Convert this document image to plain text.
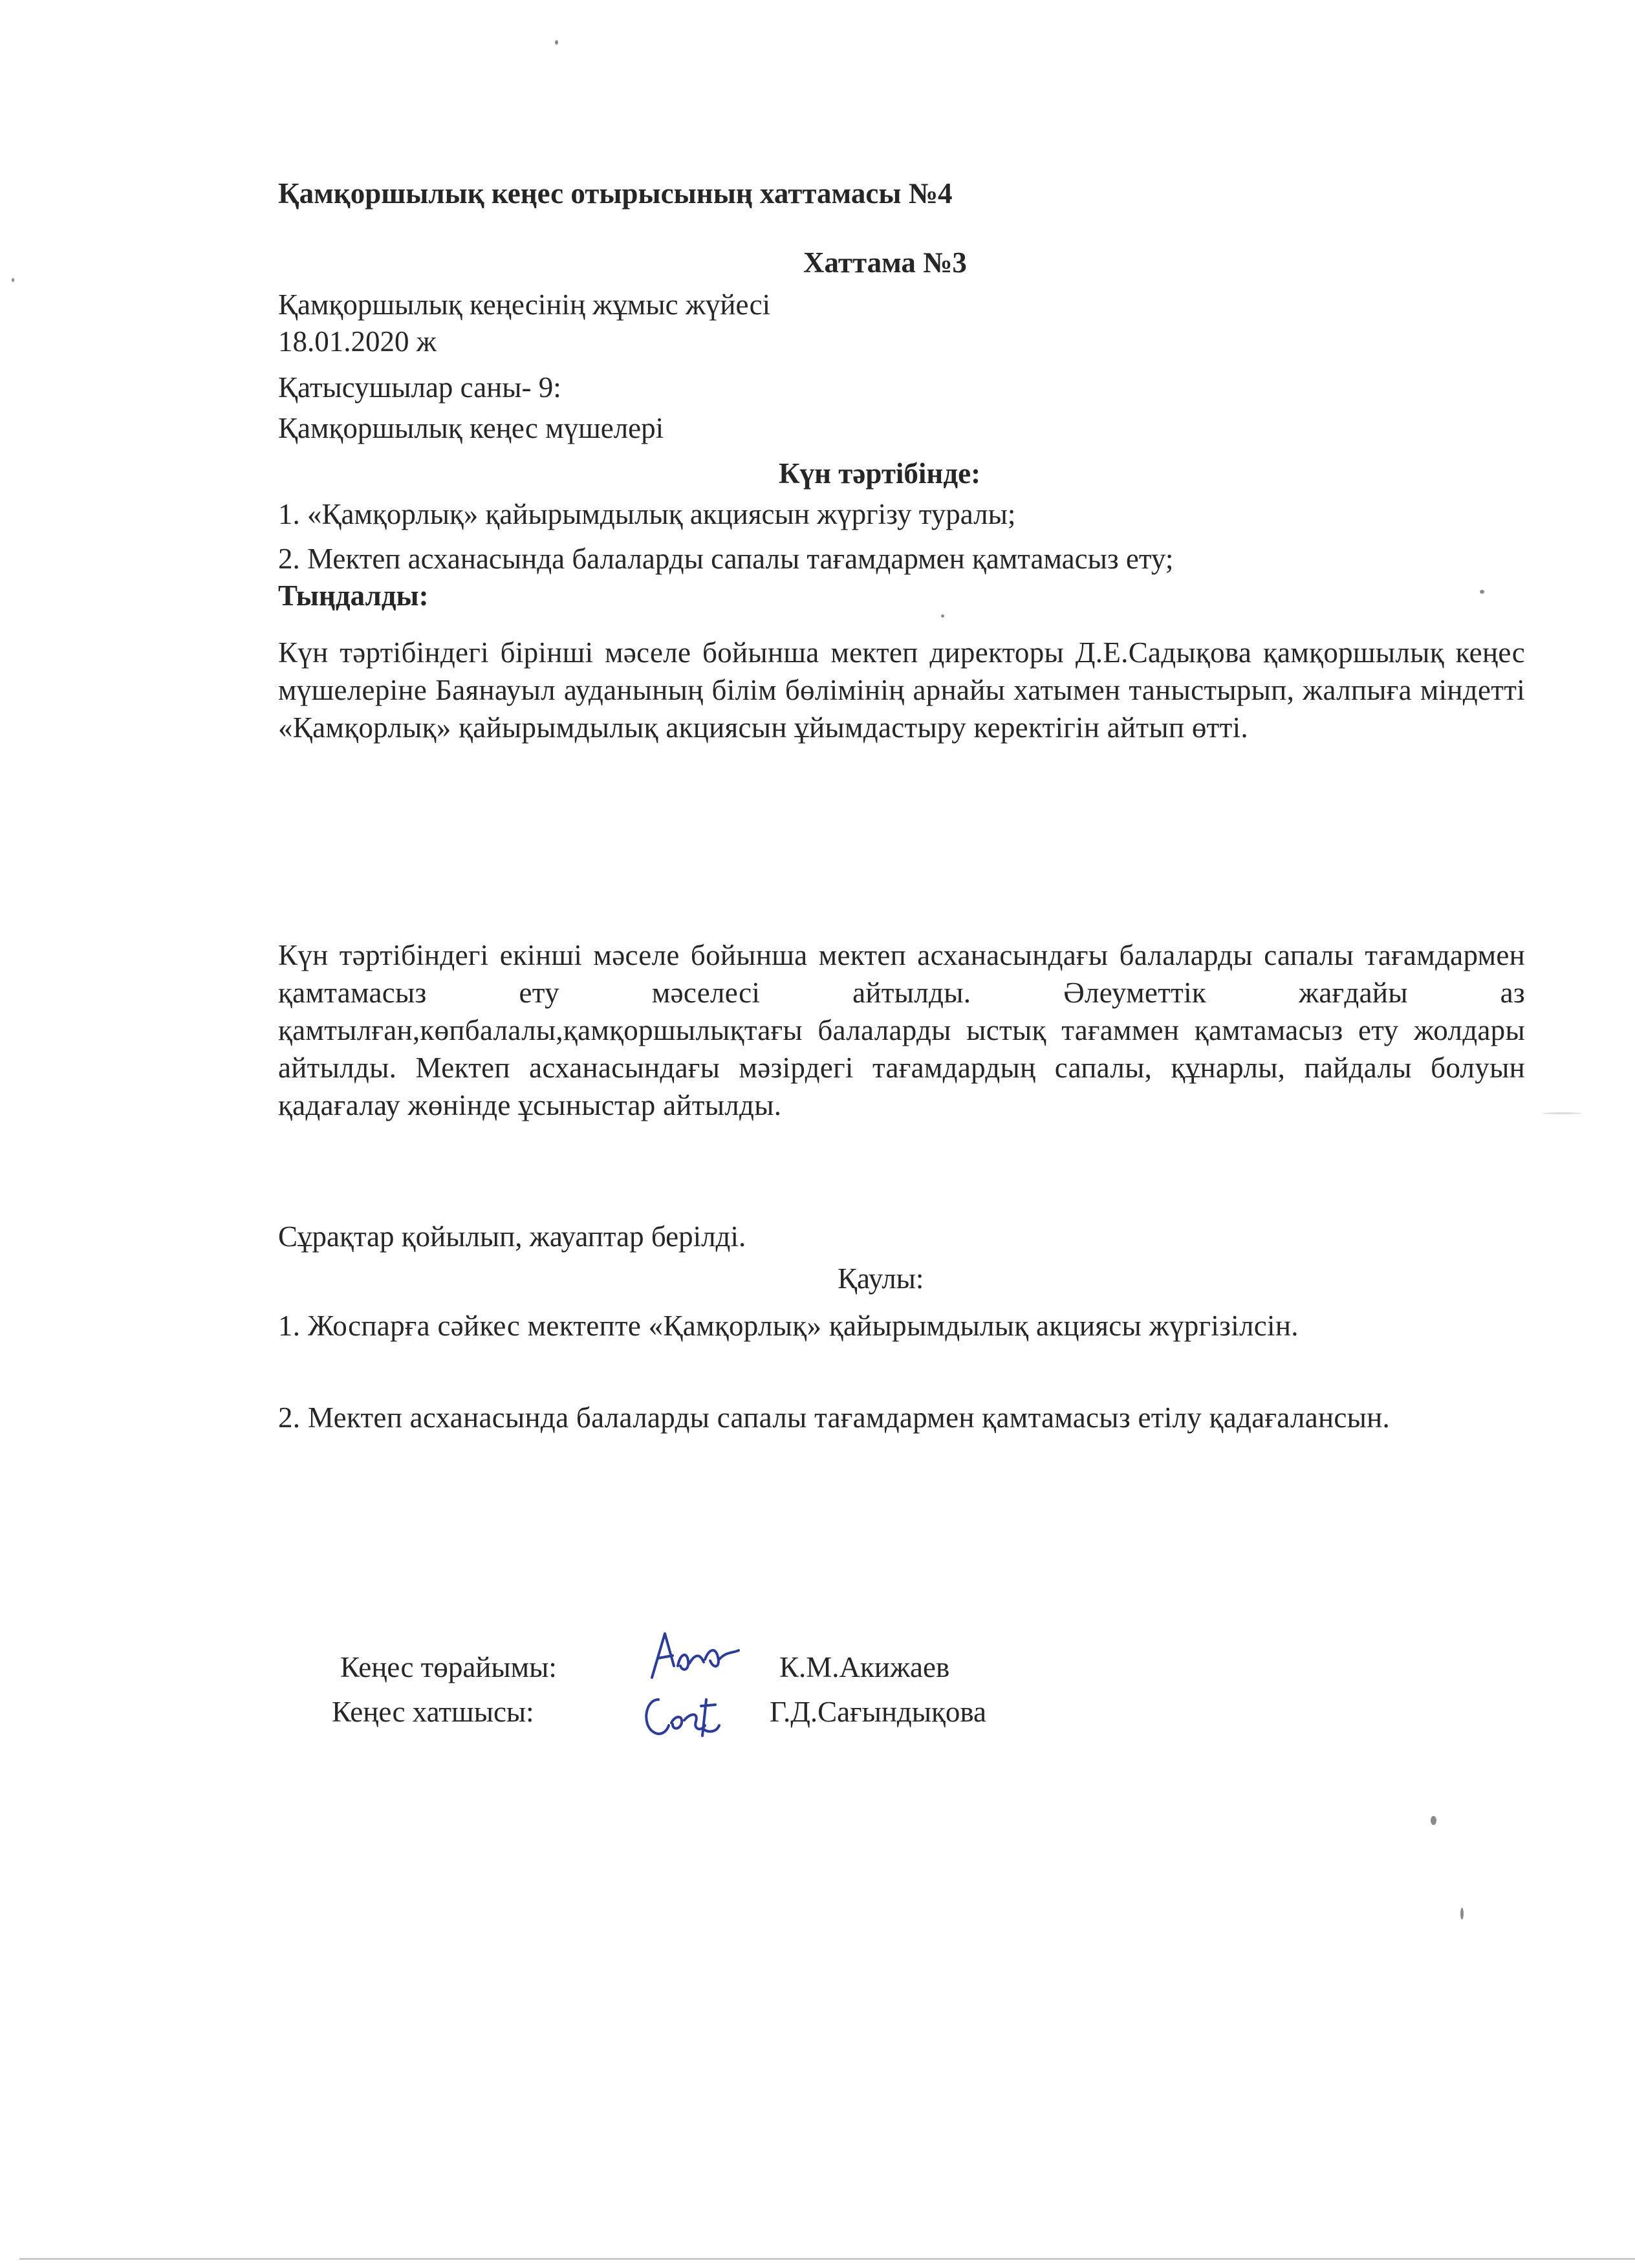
Қамқоршылық кеңес отырысының хаттамасы №4
Хаттама №3
Қамқоршылық кеңесінің жұмыс жүйесі
18.01.2020 ж
Қатысушылар саны- 9:
Қамқоршылық кеңес мүшелері
Күн тәртібінде:
1. «Қамқорлық» қайырымдылық акциясын жүргізу туралы;
2. Мектеп асханасында балаларды сапалы тағамдармен қамтамасыз ету;
Тыңдалды:
Күн тәртібіндегі бірінші мәселе бойынша мектеп директоры Д.Е.Садықова қамқоршылық кеңес мүшелеріне Баянауыл ауданының білім бөлімінің арнайы хатымен таныстырып, жалпыға міндетті «Қамқорлық» қайырымдылық акциясын ұйымдастыру керектігін айтып өтті.
Күн тәртібіндегі екінші мәселе бойынша мектеп асханасындағы балаларды сапалы тағамдармен қамтамасыз ету мәселесі айтылды. Әлеуметтік жағдайы аз қамтылған,көпбалалы,қамқоршылықтағы балаларды ыстық тағаммен қамтамасыз ету жолдары айтылды. Мектеп асханасындағы мәзірдегі тағамдардың сапалы, құнарлы, пайдалы болуын қадағалау жөнінде ұсыныстар айтылды.
Сұрақтар қойылып, жауаптар берілді.
Қаулы:
1. Жоспарға сәйкес мектепте «Қамқорлық» қайырымдылық акциясы жүргізілсін.
2. Мектеп асханасында балаларды сапалы тағамдармен қамтамасыз етілу қадағалансын.
Кеңес төрайымы:	К.М.Акижаев
Кеңес хатшысы:	Г.Д.Сағындықова
